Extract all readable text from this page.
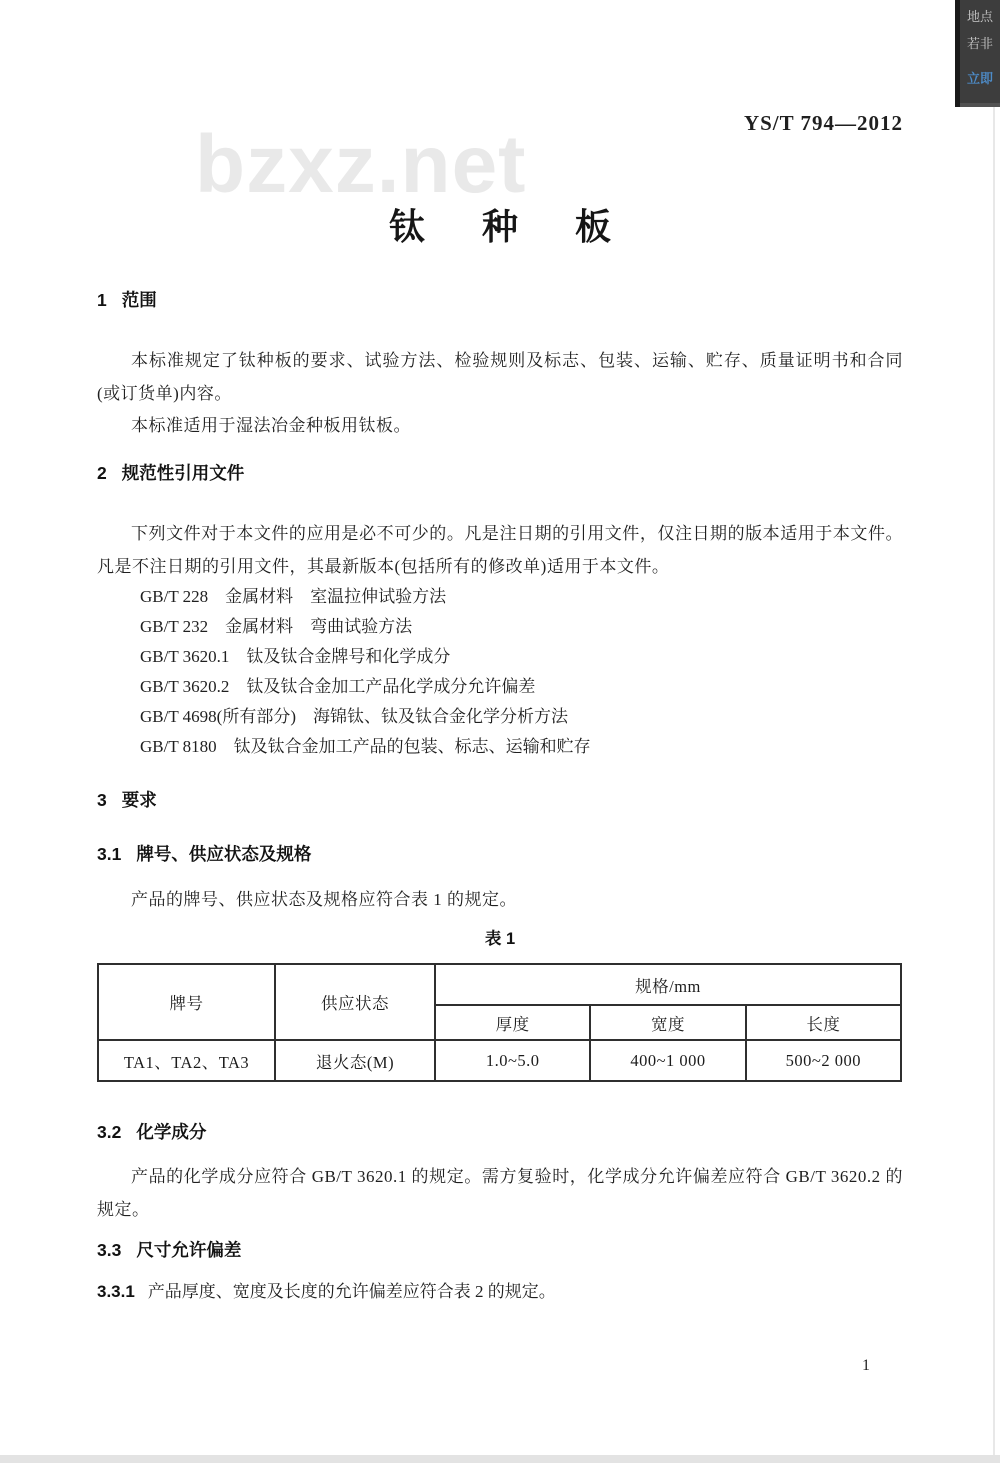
地点
若非
立即
bzxz.net	YS/T 794—2012
钛 种 板
1 范围
本标准规定了钛种板的要求、试验方法、检验规则及标志、包装、运输、贮存、质量证明书和合同(或订货单)内容。
本标准适用于湿法冶金种板用钛板。
2 规范性引用文件
下列文件对于本文件的应用是必不可少的。凡是注日期的引用文件，仅注日期的版本适用于本文件。凡是不注日期的引用文件，其最新版本(包括所有的修改单)适用于本文件。
GB/T 228　金属材料　室温拉伸试验方法
GB/T 232　金属材料　弯曲试验方法
GB/T 3620.1　钛及钛合金牌号和化学成分
GB/T 3620.2　钛及钛合金加工产品化学成分允许偏差
GB/T 4698(所有部分)　海锦钛、钛及钛合金化学分析方法
GB/T 8180　钛及钛合金加工产品的包装、标志、运输和贮存
3 要求
3.1 牌号、供应状态及规格
产品的牌号、供应状态及规格应符合表 1 的规定。
表 1
牌号	供应状态	规格/mm		
		厚度	宽度	长度
TA1、TA2、TA3	退火态(M)	1.0~5.0	400~1 000	500~2 000
3.2 化学成分
产品的化学成分应符合 GB/T 3620.1 的规定。需方复验时，化学成分允许偏差应符合 GB/T 3620.2 的规定。
3.3 尺寸允许偏差
3.3.1 产品厚度、宽度及长度的允许偏差应符合表 2 的规定。
1
